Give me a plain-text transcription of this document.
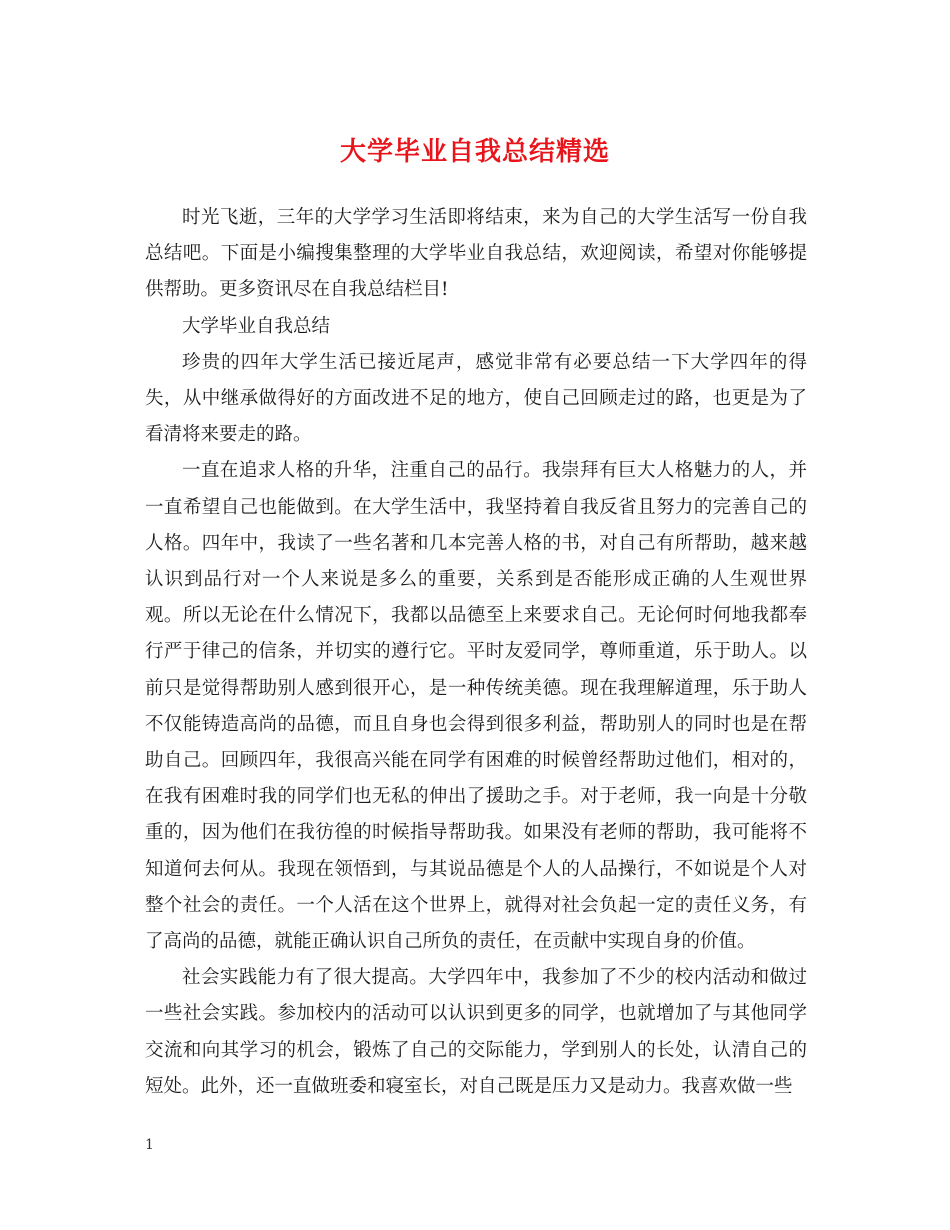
大学毕业自我总结精选

时光飞逝，三年的大学学习生活即将结束，来为自己的大学生活写一份自我总结吧。下面是小编搜集整理的大学毕业自我总结，欢迎阅读，希望对你能够提供帮助。更多资讯尽在自我总结栏目!

大学毕业自我总结

珍贵的四年大学生活已接近尾声，感觉非常有必要总结一下大学四年的得失，从中继承做得好的方面改进不足的地方，使自己回顾走过的路，也更是为了看清将来要走的路。

一直在追求人格的升华，注重自己的品行。我崇拜有巨大人格魅力的人，并一直希望自己也能做到。在大学生活中，我坚持着自我反省且努力的完善自己的人格。四年中，我读了一些名著和几本完善人格的书，对自己有所帮助，越来越认识到品行对一个人来说是多么的重要，关系到是否能形成正确的人生观世界观。所以无论在什么情况下，我都以品德至上来要求自己。无论何时何地我都奉行严于律己的信条，并切实的遵行它。平时友爱同学，尊师重道，乐于助人。以前只是觉得帮助别人感到很开心，是一种传统美德。现在我理解道理，乐于助人不仅能铸造高尚的品德，而且自身也会得到很多利益，帮助别人的同时也是在帮助自己。回顾四年，我很高兴能在同学有困难的时候曾经帮助过他们，相对的，在我有困难时我的同学们也无私的伸出了援助之手。对于老师，我一向是十分敬重的，因为他们在我彷徨的时候指导帮助我。如果没有老师的帮助，我可能将不知道何去何从。我现在领悟到，与其说品德是个人的人品操行，不如说是个人对整个社会的责任。一个人活在这个世界上，就得对社会负起一定的责任义务，有了高尚的品德，就能正确认识自己所负的责任，在贡献中实现自身的价值。

社会实践能力有了很大提高。大学四年中，我参加了不少的校内活动和做过一些社会实践。参加校内的活动可以认识到更多的同学，也就增加了与其他同学交流和向其学习的机会，锻炼了自己的交际能力，学到别人的长处，认清自己的短处。此外，还一直做班委和寝室长，对自己既是压力又是动力。我喜欢做一些

1
